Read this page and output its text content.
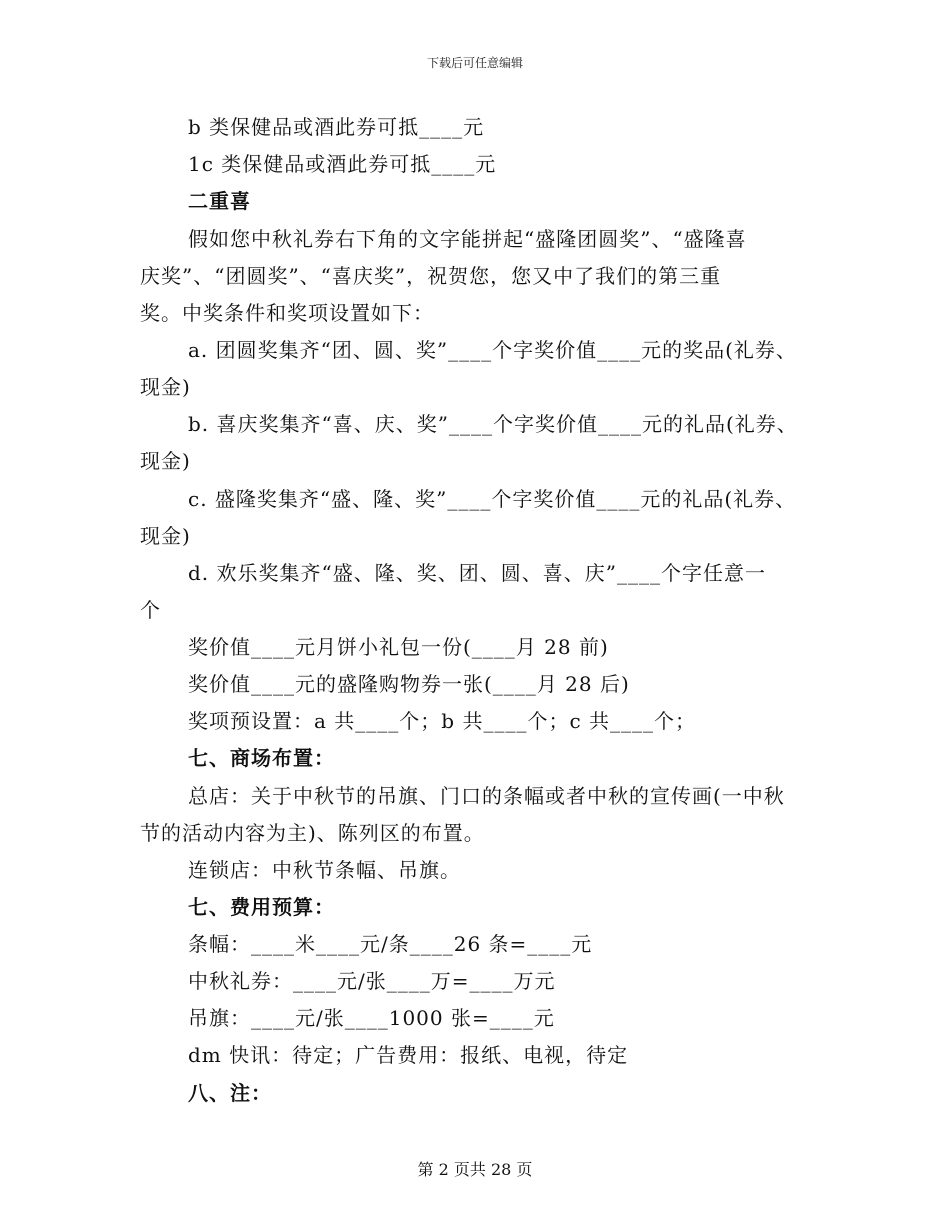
下载后可任意编辑
b 类保健品或酒此券可抵____元
1c 类保健品或酒此券可抵____元
二重喜
假如您中秋礼券右下角的文字能拼起“盛隆团圆奖”、“盛隆喜
庆奖”、“团圆奖”、“喜庆奖”，祝贺您，您又中了我们的第三重
奖。中奖条件和奖项设置如下：
a. 团圆奖集齐“团、圆、奖”____个字奖价值____元的奖品(礼券、
现金)
b. 喜庆奖集齐“喜、庆、奖”____个字奖价值____元的礼品(礼券、
现金)
c. 盛隆奖集齐“盛、隆、奖”____个字奖价值____元的礼品(礼券、
现金)
d. 欢乐奖集齐“盛、隆、奖、团、圆、喜、庆”____个字任意一
个
奖价值____元月饼小礼包一份(____月 28 前)
奖价值____元的盛隆购物券一张(____月 28 后)
奖项预设置：a 共____个；b 共____个；c 共____个；
七、商场布置：
总店：关于中秋节的吊旗、门口的条幅或者中秋的宣传画(一中秋
节的活动内容为主)、陈列区的布置。
连锁店：中秋节条幅、吊旗。
七、费用预算：
条幅：____米____元/条____26 条=____元
中秋礼券：____元/张____万=____万元
吊旗：____元/张____1000 张=____元
dm 快讯：待定；广告费用：报纸、电视，待定
八、注：
第 2 页共 28 页
